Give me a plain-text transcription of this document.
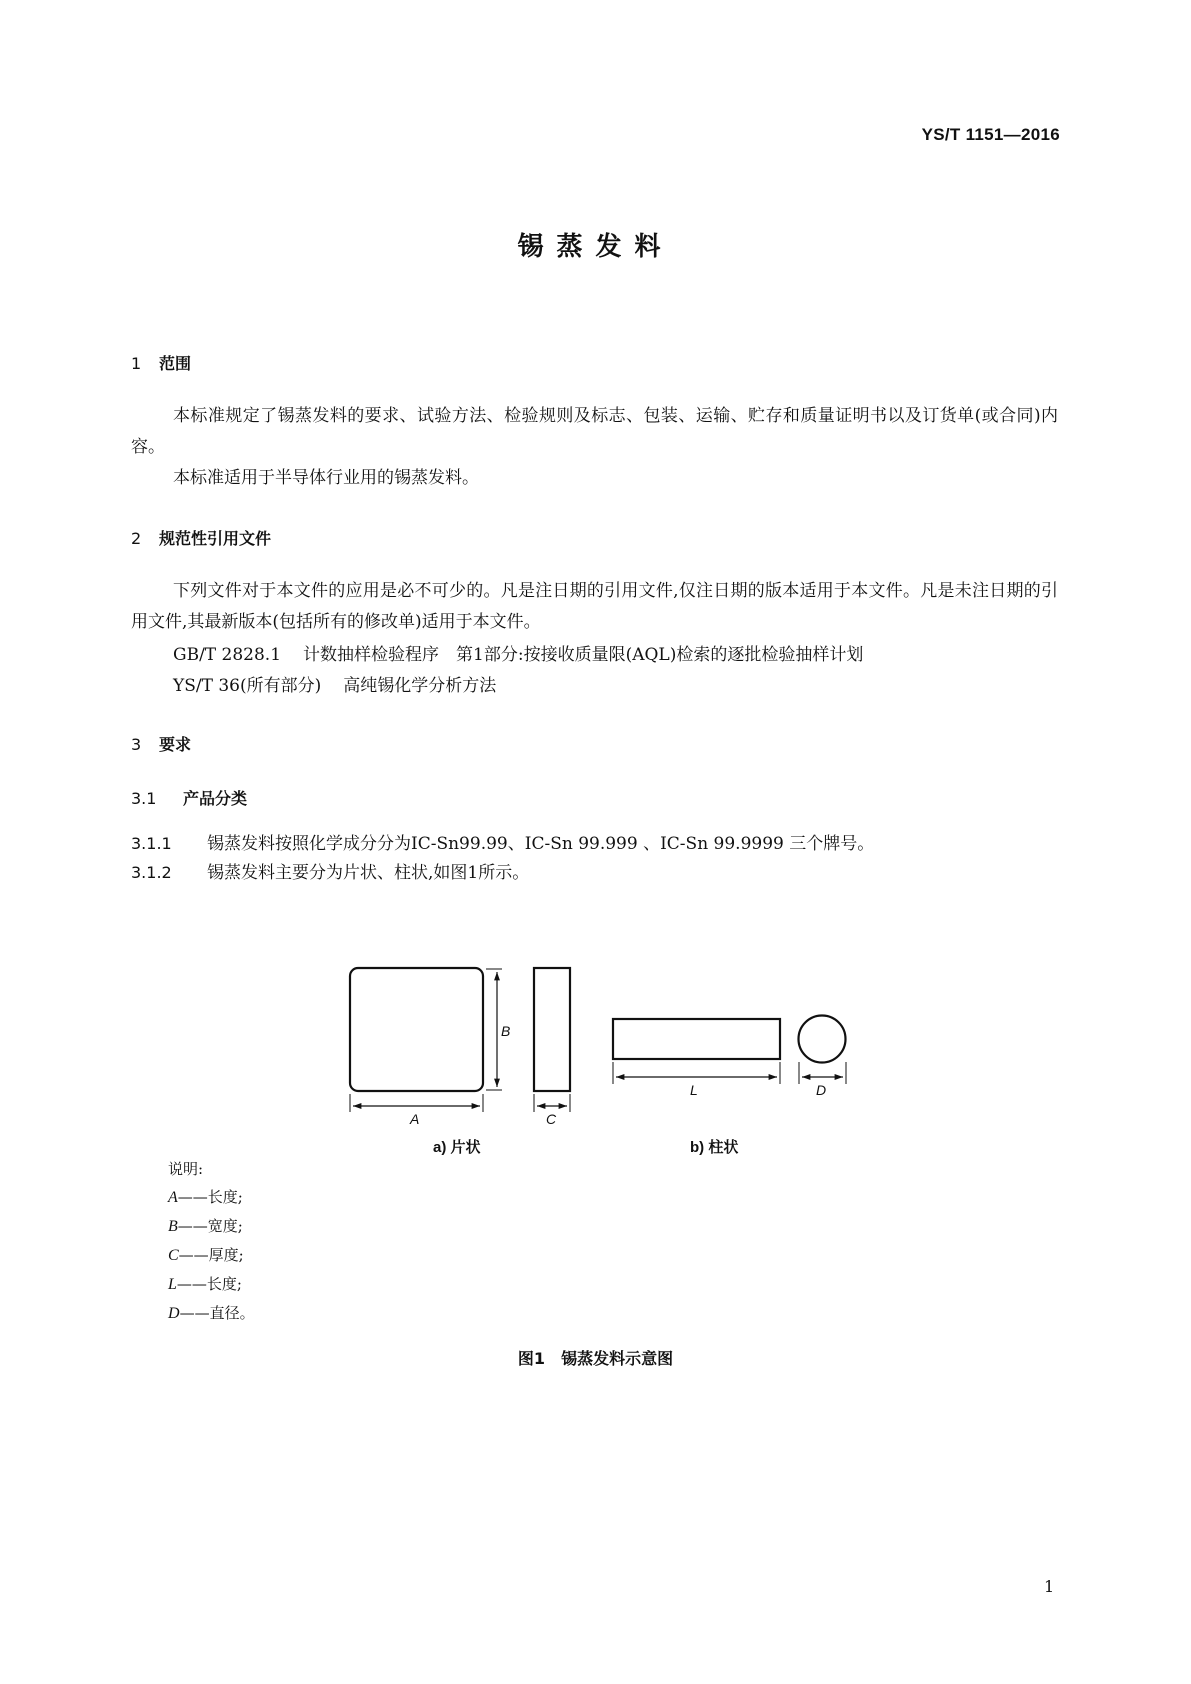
YS/T 1151—2016
锡蒸发料
1 范围

本标准规定了锡蒸发料的要求、试验方法、检验规则及标志、包装、运输、贮存和质量证明书以及订货单(或合同)内容。

本标准适用于半导体行业用的锡蒸发料。

2 规范性引用文件

下列文件对于本文件的应用是必不可少的。凡是注日期的引用文件,仅注日期的版本适用于本文件。凡是未注日期的引用文件,其最新版本(包括所有的修改单)适用于本文件。

GB/T 2828.1 计数抽样检验程序　第1部分:按接收质量限(AQL)检索的逐批检验抽样计划
YS/T 36(所有部分) 高纯锡化学分析方法
3 要求
3.1 产品分类
3.1.1 锡蒸发料按照化学成分分为IC-Sn99.99、IC-Sn 99.999 、IC-Sn 99.9999 三个牌号。
3.1.2 锡蒸发料主要分为片状、柱状,如图1所示。
B
A	C
L	D
a) 片状	b) 柱状
说明:
A——长度;
B——宽度;
C——厚度;
L——长度;
D——直径。
图1 锡蒸发料示意图
1
